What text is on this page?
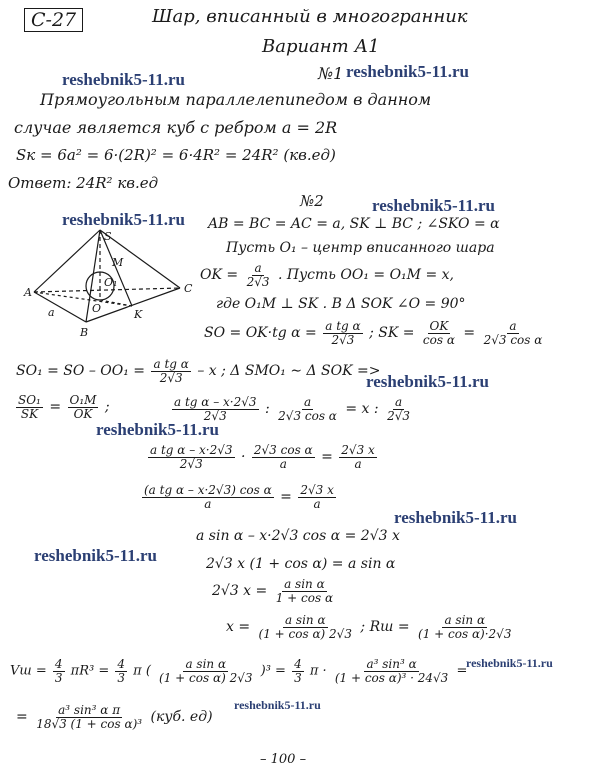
С-27	Шар, вписанный в многогранник
Вариант А1
№1
Прямоугольным параллелепипедом в данном
случае является куб с ребром a = 2R
Sк = 6a² = 6·(2R)² = 6·4R² = 24R² (кв.ед)
Ответ: 24R² кв.ед
№2
AB = BC = AC = a, SK ⊥ BC ; ∠SKO = α
Пусть O₁ – центр вписанного шара
OK = $\frac{a}{2√3}$ . Пусть OO₁ = O₁M = x,
где O₁M ⊥ SK . В Δ SOK ∠O = 90°
SO = OK·tg $\alpha = \frac{\text{a tg α}}{2√3}$ ; SK = $\frac{OK}{\text{cos α}} = \frac{a}{\text{2√3 cos α}}$
SO₁ = SO – $OO_1 = \frac{\text{a tg α}}{2√3} - x$ ; Δ SMO₁ ∼ Δ SOK =>
$\frac{\text{SO₁}}{SK} = \frac{\text{O₁M}}{OK}$ ;	$\frac{\text{a tg α – x·2√3}}{2√3}$ : $\frac{a}{\text{2√3 cos α}} = x$ : $\frac{a}{2√3}$
$\frac{\text{a tg α – x·2√3}}{2√3} \cdot \frac{\text{2√3 cos α}}{a} = \frac{2√3 x}{a}$
$\frac{\text{(a tg α – x·2√3) cos α}}{a} = \frac{2√3 x}{a}$
a sin α – x·2√3 cos α = 2√3 x
2√3 x (1 + cos α) = a sin α
2√3 $x = \frac{\text{a sin α}}{\text{1 + cos α}}$
$x = \frac{\text{a sin α}}{\text{(1 + cos α) 2√3}}$ ; Rш = $\frac{\text{a sin α}}{\text{(1 + cos α)·2√3}}$
Vш = $\frac{4}{3} \pi R^3 = \frac{4}{3}$ π ( $\frac{\text{a sin α}}{\text{(1 + cos α) 2√3}} )^3 = \frac{4}{3}$ $\pi \cdot \frac{\text{a³ sin³ α}}{\text{(1 + cos α)³ · 24√3}}$ =
= $\frac{\text{a³ sin³ α π}}{\text{18√3 (1 + cos α)³}} (куб$. ед)
– 100 –
S
A
B
C
O	K
M
O₁
a
reshebnik5-11.ru	reshebnik5-11.ru
reshebnik5-11.ru
reshebnik5-11.ru
reshebnik5-11.ru
reshebnik5-11.ru
reshebnik5-11.ru
reshebnik5-11.ru
reshebnik5-11.ru
reshebnik5-11.ru
